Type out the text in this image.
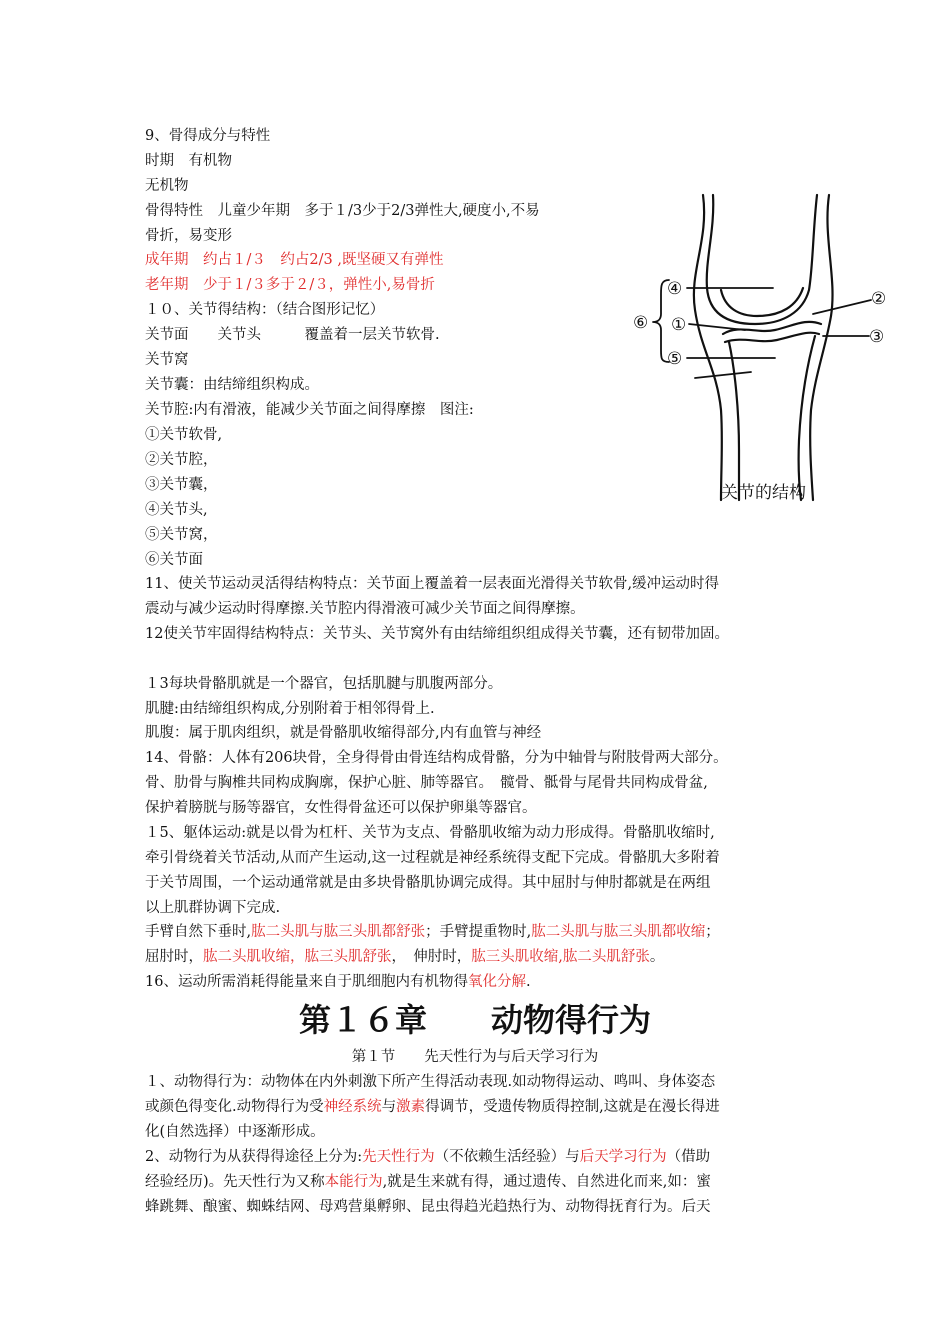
9、骨得成分与特性
时期　有机物
无机物
骨得特性　儿童少年期　多于１/3少于2/3弹性大,硬度小,不易
骨折，易变形
成年期　约占１/３　约占2/3 ,既坚硬又有弹性
老年期　少于１/３多于２/３，弹性小,易骨折
１０、关节得结构：（结合图形记忆）
关节面　　关节头　　　覆盖着一层关节软骨.
关节窝
关节囊：由结缔组织构成。
关节腔:内有滑液，能减少关节面之间得摩擦　图注:
①关节软骨,
②关节腔，
③关节囊，
④关节头,
⑤关节窝，
⑥关节面
11、使关节运动灵活得结构特点：关节面上覆盖着一层表面光滑得关节软骨,缓冲运动时得
震动与减少运动时得摩擦.关节腔内得滑液可减少关节面之间得摩擦。
12使关节牢固得结构特点：关节头、关节窝外有由结缔组织组成得关节囊，还有韧带加固。
１3每块骨骼肌就是一个器官，包括肌腱与肌腹两部分。
肌腱:由结缔组织构成,分别附着于相邻得骨上.
肌腹：属于肌肉组织，就是骨骼肌收缩得部分,内有血管与神经
14、骨骼：人体有206块骨，全身得骨由骨连结构成骨骼，分为中轴骨与附肢骨两大部分。
骨、肋骨与胸椎共同构成胸廓，保护心脏、肺等器官。　髋骨、骶骨与尾骨共同构成骨盆,
保护着膀胱与肠等器官，女性得骨盆还可以保护卵巢等器官。
１5、躯体运动:就是以骨为杠杆、关节为支点、骨骼肌收缩为动力形成得。骨骼肌收缩时,
牵引骨绕着关节活动,从而产生运动,这一过程就是神经系统得支配下完成。骨骼肌大多附着
于关节周围，一个运动通常就是由多块骨骼肌协调完成得。其中屈肘与伸肘都就是在两组
以上肌群协调下完成.
手臂自然下垂时,肱二头肌与肱三头肌都舒张；手臂提重物时,肱二头肌与肱三头肌都收缩；
屈肘时，肱二头肌收缩，肱三头肌舒张，　伸肘时，肱三头肌收缩,肱二头肌舒张。
16、运动所需消耗得能量来自于肌细胞内有机物得氧化分解.
第１６章　　动物得行为
第１节　　先天性行为与后天学习行为
１、动物得行为：动物体在内外刺激下所产生得活动表现.如动物得运动、鸣叫、身体姿态
或颜色得变化.动物得行为受神经系统与激素得调节，受遗传物质得控制,这就是在漫长得进
化(自然选择）中逐渐形成。
2、动物行为从获得得途径上分为:先天性行为（不依赖生活经验）与后天学习行为（借助
经验经历)。先天性行为又称本能行为,就是生来就有得，通过遗传、自然进化而来,如：蜜
蜂跳舞、酿蜜、蜘蛛结网、母鸡营巢孵卵、昆虫得趋光趋热行为、动物得抚育行为。后天
④	②
⑥ ①
③
⑤
关节的结构
